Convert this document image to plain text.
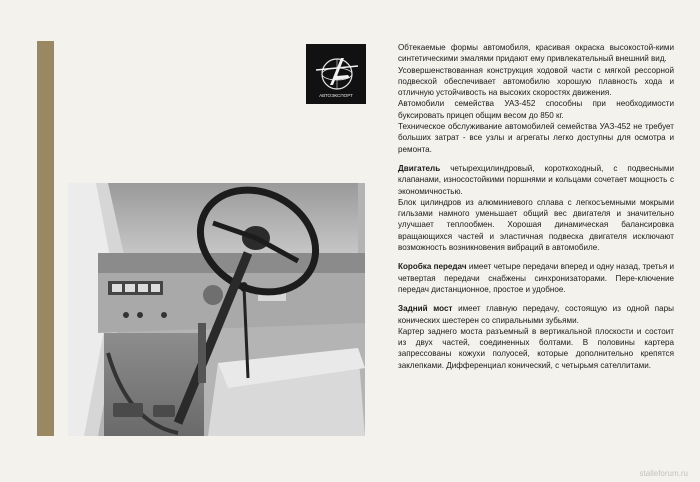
АВТОЭКСПОРТ

Обтекаемые формы автомобиля, красивая окраска высокостой-кими синтетическими эмалями придают ему привлекательный внешний вид.

Усовершенствованная конструкция ходовой части с мягкой рессорной подвеской обеспечивает автомобилю хорошую плавность хода и отличную устойчивость на высоких скоростях движения.

Автомобили семейства УАЗ-452 способны при необходимости буксировать прицеп общим весом до 850 кг.

Техническое обслуживание автомобилей семейства УАЗ-452 не требует больших затрат - все узлы и агрегаты легко доступны для осмотра и ремонта.

Двигатель четырехцилиндровый, короткоходный, с подвесными клапанами, износостойкими поршнями и кольцами сочетает мощность с экономичностью.

Блок цилиндров из алюминиевого сплава с легкосъемными мокрыми гильзами намного уменьшает общий вес двигателя и значительно улучшает теплообмен. Хорошая динамическая балансировка вращающихся частей и эластичная подвеска двигателя исключают возможность возникновения вибраций в автомобиле.

Коробка передач имеет четыре передачи вперед и одну назад, третья и четвертая передачи снабжены синхронизаторами. Пере-ключение передач дистанционное, простое и удобное.

Задний мост имеет главную передачу, состоящую из одной пары конических шестерен со спиральными зубьями.

Картер заднего моста разъемный в вертикальной плоскости и состоит из двух частей, соединенных болтами. В половины картера запрессованы кожухи полуосей, которые дополнительно крепятся заклепками. Дифференциал конический, с четырьмя сателлитами.

stalleforum.ru
